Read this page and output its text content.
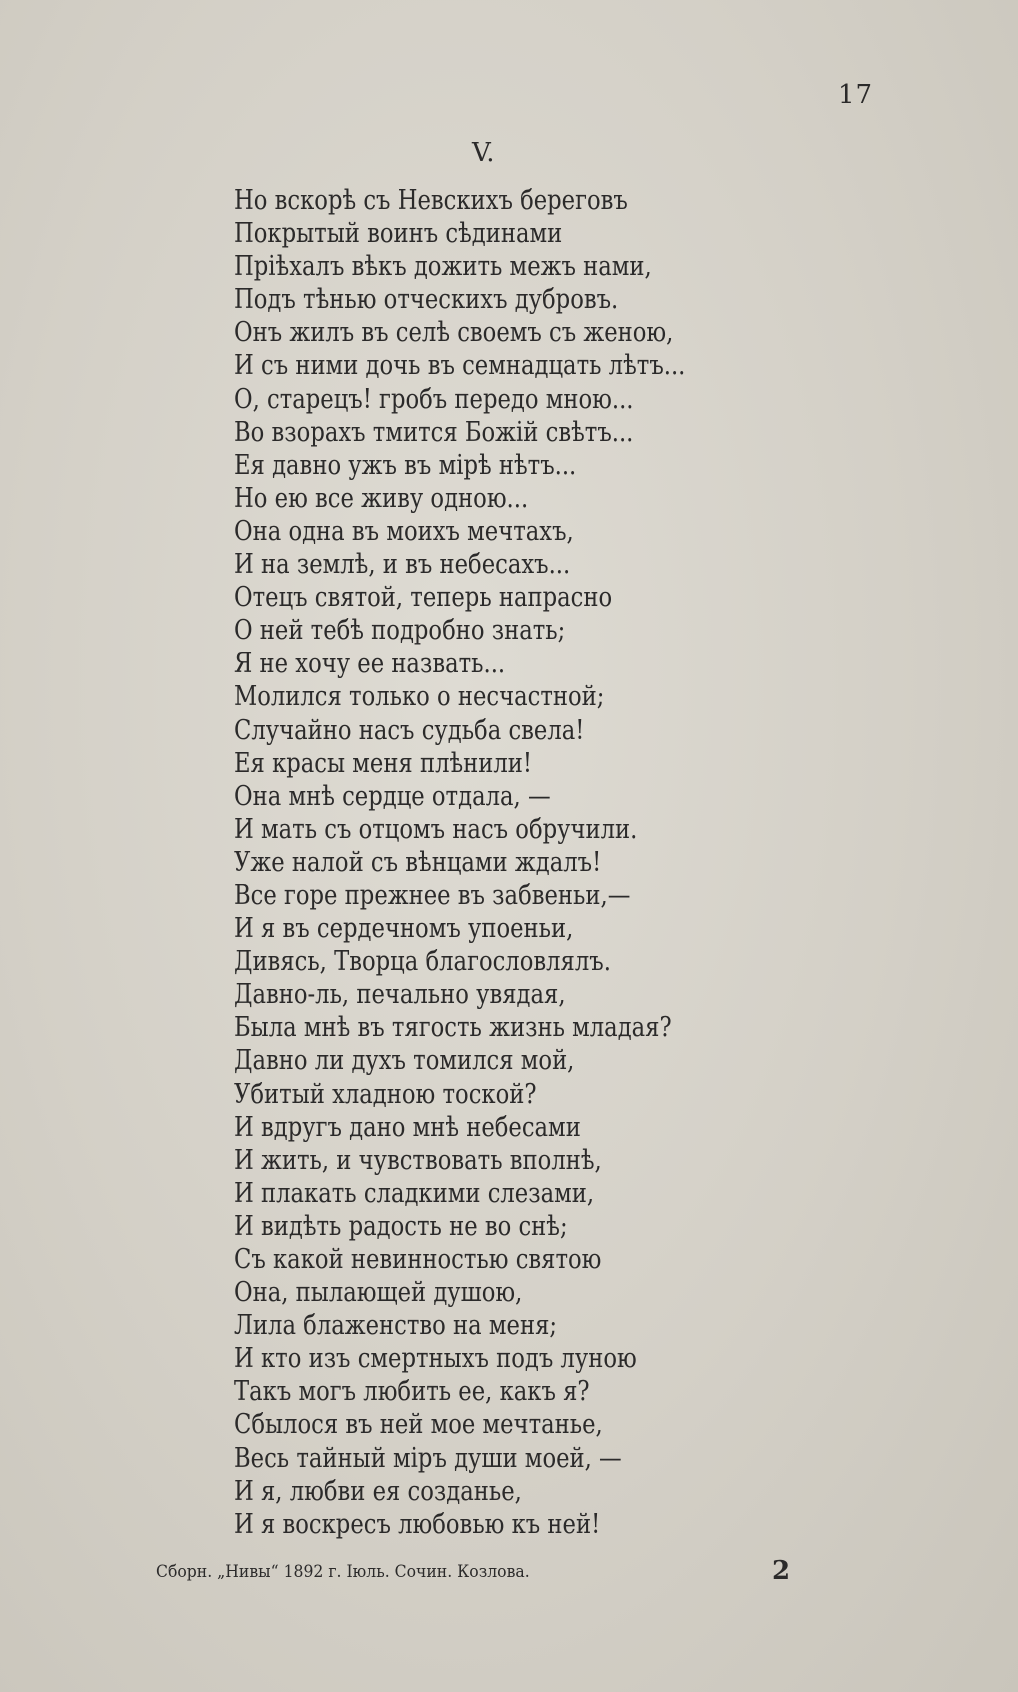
17
V.
Но вскорѣ съ Невскихъ береговъ
Покрытый воинъ сѣдинами
Пріѣхалъ вѣкъ дожить межъ нами,
Подъ тѣнью отческихъ дубровъ.
Онъ жилъ въ селѣ своемъ съ женою,
И съ ними дочь въ семнадцать лѣтъ...
О, старецъ! гробъ передо мною...
Во взорахъ тмится Божій свѣтъ...
Ея давно ужъ въ мірѣ нѣтъ...
Но ею все живу одною...
Она одна въ моихъ мечтахъ,
И на землѣ, и въ небесахъ...
Отецъ святой, теперь напрасно
О ней тебѣ подробно знать;
Я не хочу ее назвать...
Молился только о несчастной;
Случайно насъ судьба свела!
Ея красы меня плѣнили!
Она мнѣ сердце отдала, —
И мать съ отцомъ насъ обручили.
Уже налой съ вѣнцами ждалъ!
Все горе прежнее въ забвеньи,—
И я въ сердечномъ упоеньи,
Дивясь, Творца благословлялъ.
Давно-ль, печально увядая,
Была мнѣ въ тягость жизнь младая?
Давно ли духъ томился мой,
Убитый хладною тоской?
И вдругъ дано мнѣ небесами
И жить, и чувствовать вполнѣ,
И плакать сладкими слезами,
И видѣть радость не во снѣ;
Съ какой невинностью святою
Она, пылающей душою,
Лила блаженство на меня;
И кто изъ смертныхъ подъ луною
Такъ могъ любить ее, какъ я?
Сбылося въ ней мое мечтанье,
Весь тайный міръ души моей, —
И я, любви ея созданье,
И я воскресъ любовью къ ней!
Сборн. „Нивы“ 1892 г. Іюль. Сочин. Козлова.	2
